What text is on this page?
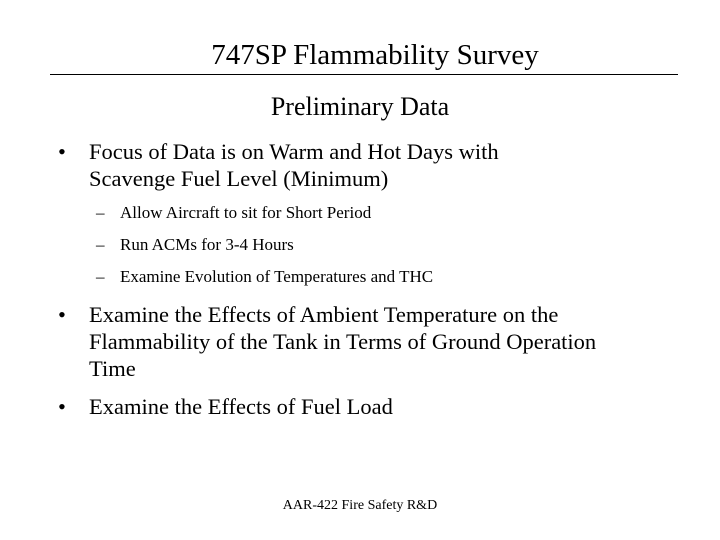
747SP Flammability Survey
Preliminary Data
•	Focus of Data is on Warm and Hot Days with
Scavenge Fuel Level (Minimum)
– Allow Aircraft to sit for Short Period
– Run ACMs for 3-4 Hours
– Examine Evolution of Temperatures and THC
•	Examine the Effects of Ambient Temperature on the
Flammability of the Tank in Terms of Ground Operation
Time
•	Examine the Effects of Fuel Load
AAR-422 Fire Safety R&D
